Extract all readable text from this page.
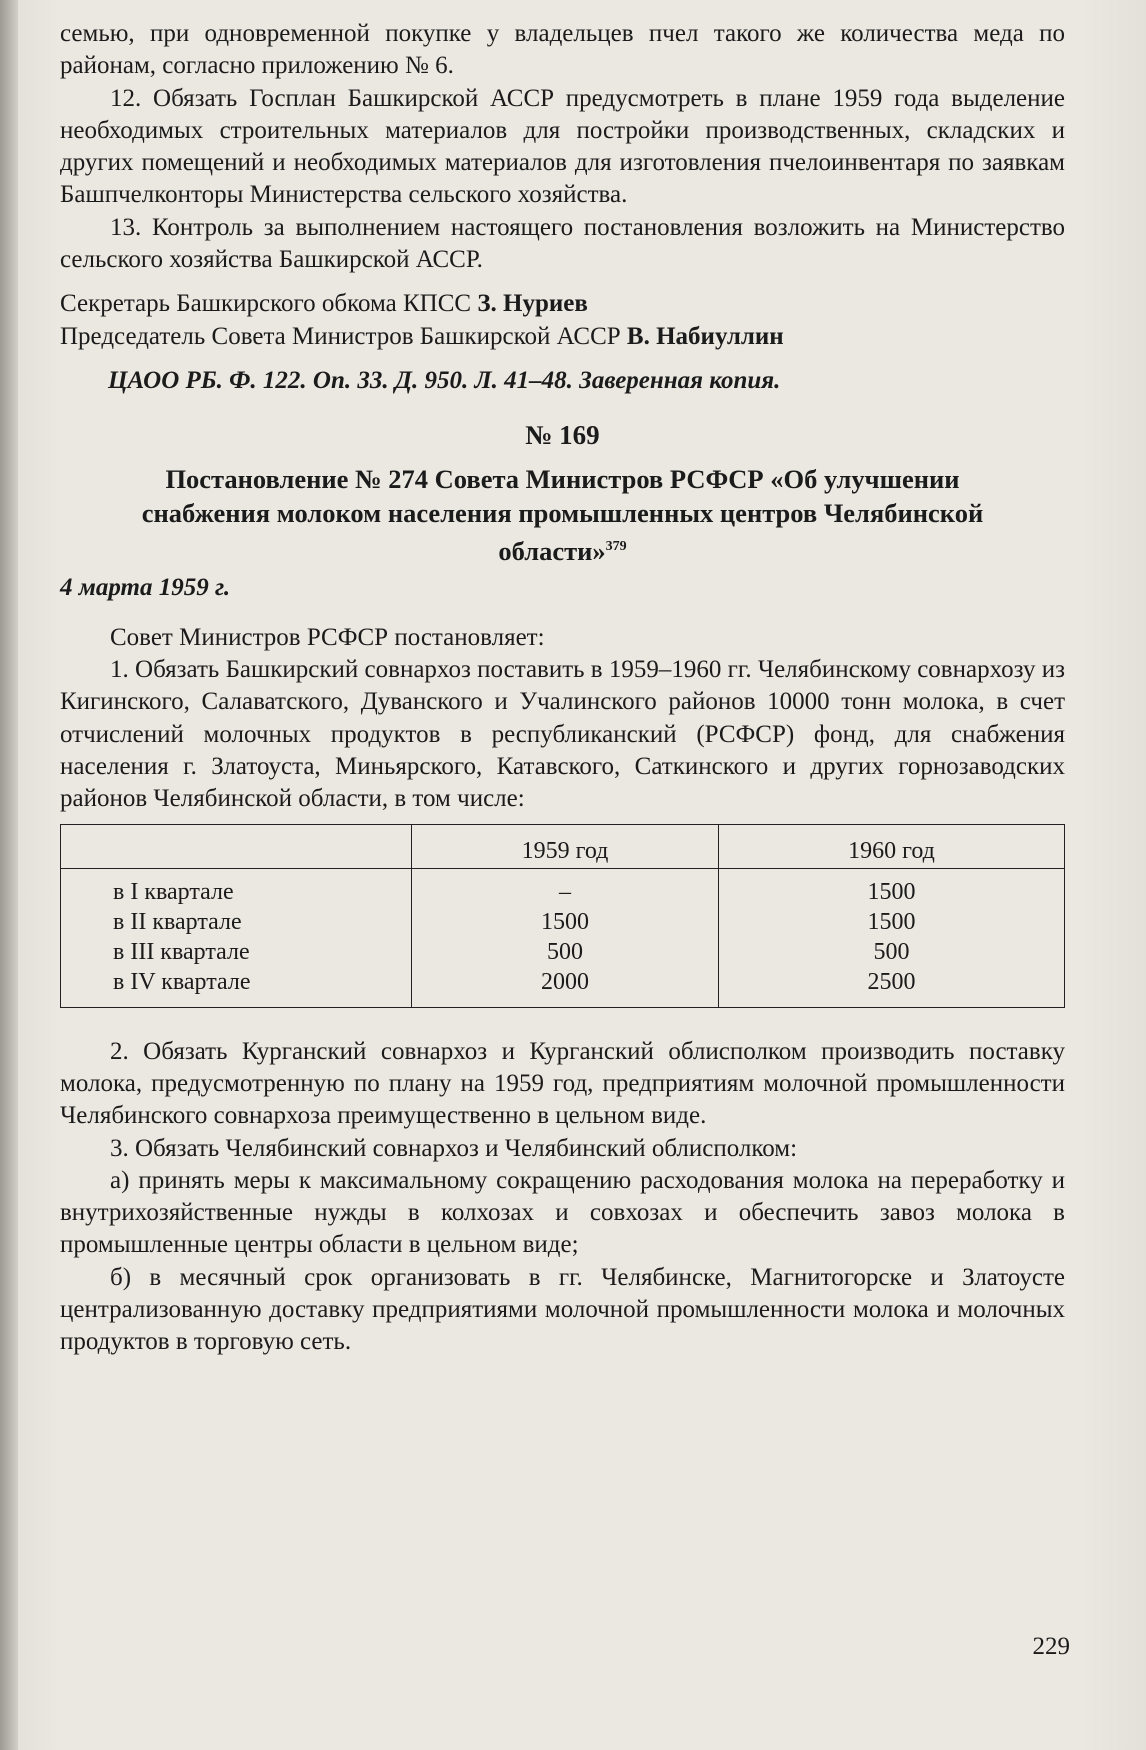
семью, при одновременной покупке у владельцев пчел такого же количества меда по районам, согласно приложению № 6.

12. Обязать Госплан Башкирской АССР предусмотреть в плане 1959 года выделение необходимых строительных материалов для постройки производственных, складских и других помещений и необходимых материалов для изготовления пчелоинвентаря по заявкам Башпчелконторы Министерства сельского хозяйства.

13. Контроль за выполнением настоящего постановления возложить на Министерство сельского хозяйства Башкирской АССР.

Секретарь Башкирского обкома КПСС З. Нуриев

Председатель Совета Министров Башкирской АССР В. Набиуллин

ЦАОО РБ. Ф. 122. Оп. 33. Д. 950. Л. 41–48. Заверенная копия.

№ 169

Постановление № 274 Совета Министров РСФСР «Об улучшении снабжения молоком населения промышленных центров Челябинской области»$^{379}$

4 марта 1959 г.

Совет Министров РСФСР постановляет:

1. Обязать Башкирский совнархоз поставить в 1959–1960 гг. Челябинскому совнархозу из Кигинского, Салаватского, Дуванского и Учалинского районов 10000 тонн молока, в счет отчислений молочных продуктов в республиканский (РСФСР) фонд, для снабжения населения г. Златоуста, Миньярского, Катавского, Саткинского и других горнозаводских районов Челябинской области, в том числе:

	1959 год	1960 год
в I квартале	–	1500
в II квартале	1500	1500
в III квартале	500	500
в IV квартале	2000	2500

2. Обязать Курганский совнархоз и Курганский облисполком производить поставку молока, предусмотренную по плану на 1959 год, предприятиям молочной промышленности Челябинского совнархоза преимущественно в цельном виде.

3. Обязать Челябинский совнархоз и Челябинский облисполком:

а) принять меры к максимальному сокращению расходования молока на переработку и внутрихозяйственные нужды в колхозах и совхозах и обеспечить завоз молока в промышленные центры области в цельном виде;

б) в месячный срок организовать в гг. Челябинске, Магнитогорске и Златоусте централизованную доставку предприятиями молочной промышленности молока и молочных продуктов в торговую сеть.

229
